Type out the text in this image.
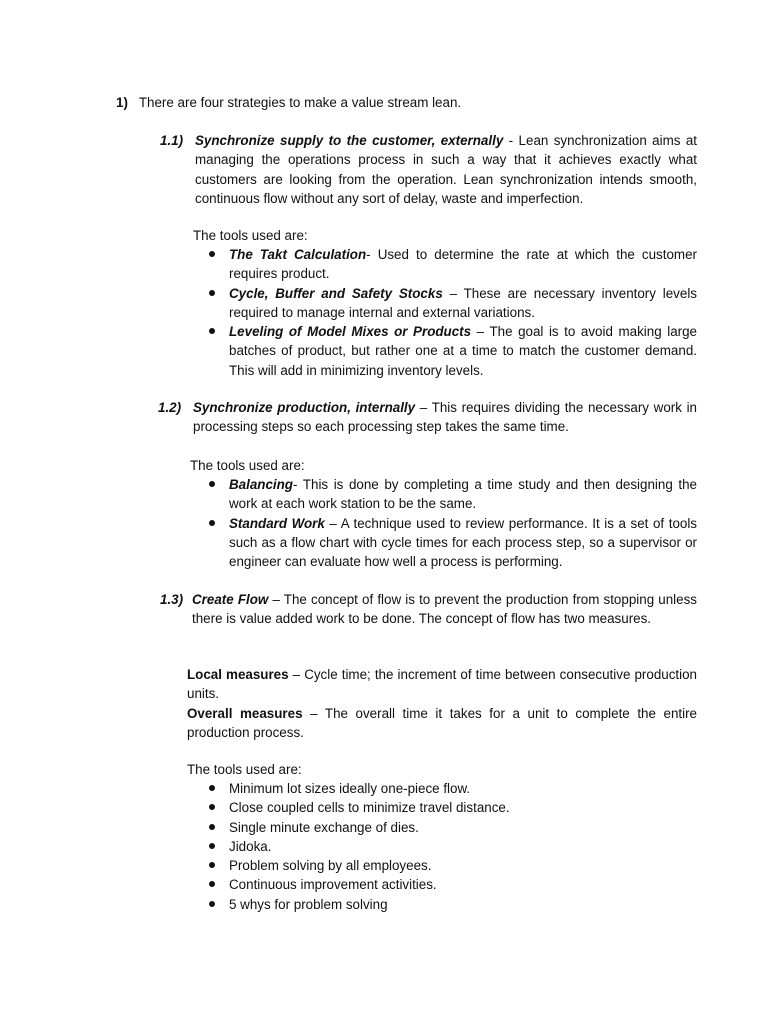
1) There are four strategies to make a value stream lean.
1.1) Synchronize supply to the customer, externally - Lean synchronization aims at managing the operations process in such a way that it achieves exactly what customers are looking from the operation. Lean synchronization intends smooth, continuous flow without any sort of delay, waste and imperfection.
The tools used are:
The Takt Calculation- Used to determine the rate at which the customer requires product.
Cycle, Buffer and Safety Stocks – These are necessary inventory levels required to manage internal and external variations.
Leveling of Model Mixes or Products – The goal is to avoid making large batches of product, but rather one at a time to match the customer demand. This will add in minimizing inventory levels.
1.2) Synchronize production, internally – This requires dividing the necessary work in processing steps so each processing step takes the same time.
The tools used are:
Balancing- This is done by completing a time study and then designing the work at each work station to be the same.
Standard Work – A technique used to review performance. It is a set of tools such as a flow chart with cycle times for each process step, so a supervisor or engineer can evaluate how well a process is performing.
1.3) Create Flow – The concept of flow is to prevent the production from stopping unless there is value added work to be done. The concept of flow has two measures.
Local measures – Cycle time; the increment of time between consecutive production units.
Overall measures – The overall time it takes for a unit to complete the entire production process.
The tools used are:
Minimum lot sizes ideally one-piece flow.
Close coupled cells to minimize travel distance.
Single minute exchange of dies.
Jidoka.
Problem solving by all employees.
Continuous improvement activities.
5 whys for problem solving
